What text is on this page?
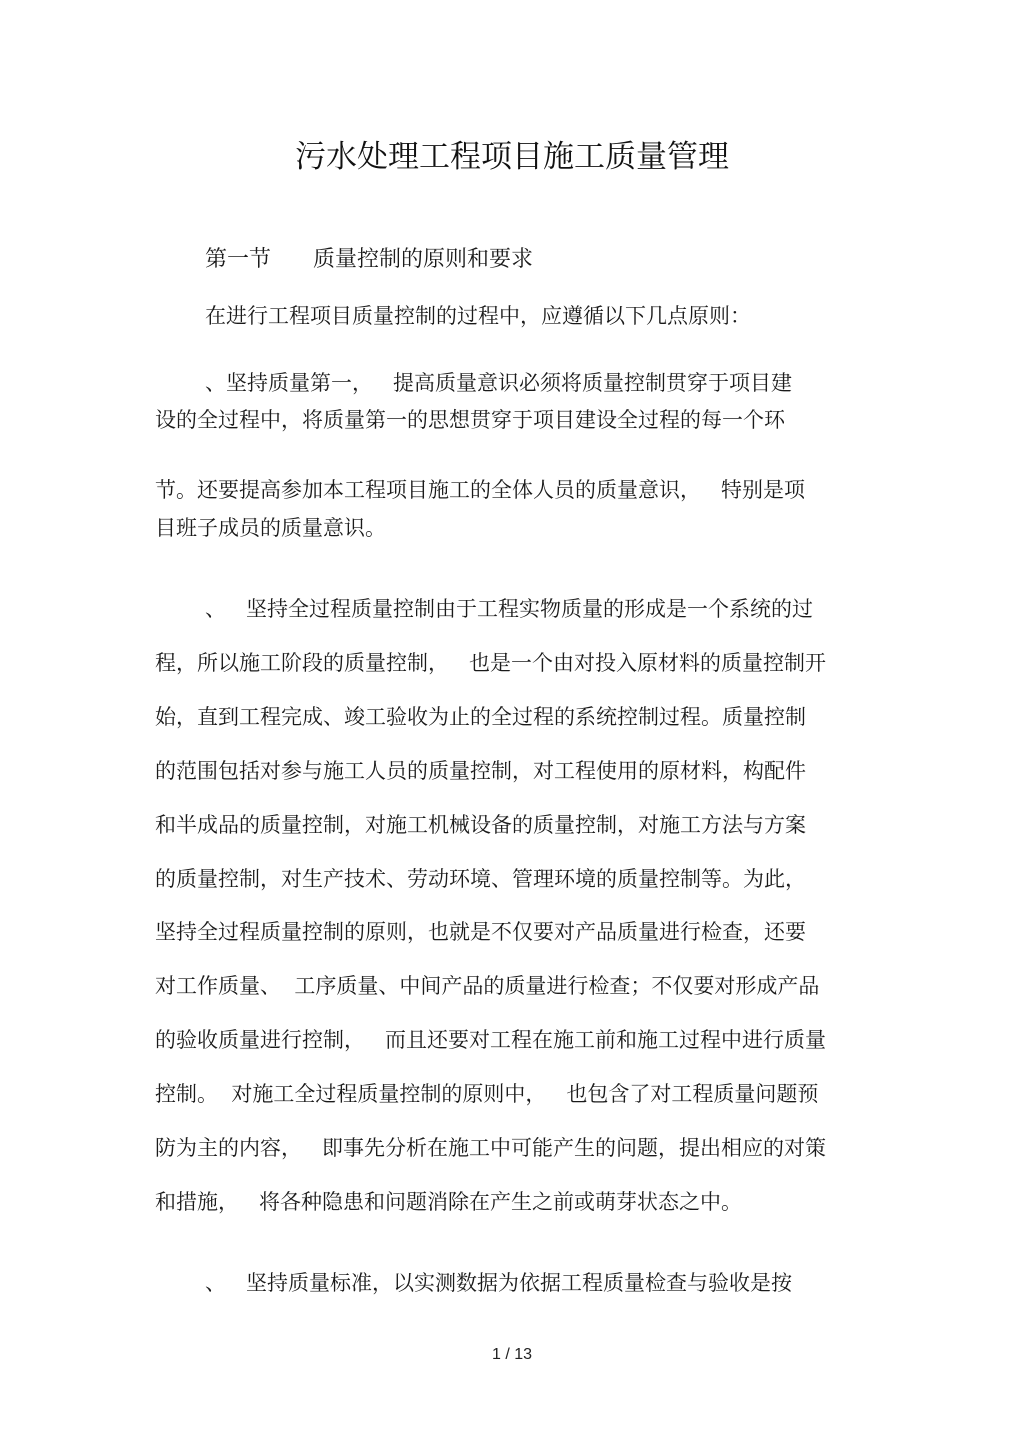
污水处理工程项目施工质量管理

第一节      质量控制的原则和要求

在进行工程项目质量控制的过程中，应遵循以下几点原则：

、坚持质量第一，   提高质量意识必须将质量控制贯穿于项目建

设的全过程中，将质量第一的思想贯穿于项目建设全过程的每一个环

节。还要提高参加本工程项目施工的全体人员的质量意识，   特别是项

目班子成员的质量意识。

、   坚持全过程质量控制由于工程实物质量的形成是一个系统的过

程，所以施工阶段的质量控制，   也是一个由对投入原材料的质量控制开

始，直到工程完成、竣工验收为止的全过程的系统控制过程。质量控制

的范围包括对参与施工人员的质量控制，对工程使用的原材料，构配件

和半成品的质量控制，对施工机械设备的质量控制，对施工方法与方案

的质量控制，对生产技术、劳动环境、管理环境的质量控制等。为此，

坚持全过程质量控制的原则，也就是不仅要对产品质量进行检查，还要

对工作质量、  工序质量、中间产品的质量进行检查；不仅要对形成产品

的验收质量进行控制，   而且还要对工程在施工前和施工过程中进行质量

控制。  对施工全过程质量控制的原则中，   也包含了对工程质量问题预

防为主的内容，   即事先分析在施工中可能产生的问题，提出相应的对策

和措施，   将各种隐患和问题消除在产生之前或萌芽状态之中。

、   坚持质量标准，以实测数据为依据工程质量检查与验收是按

1 / 13
